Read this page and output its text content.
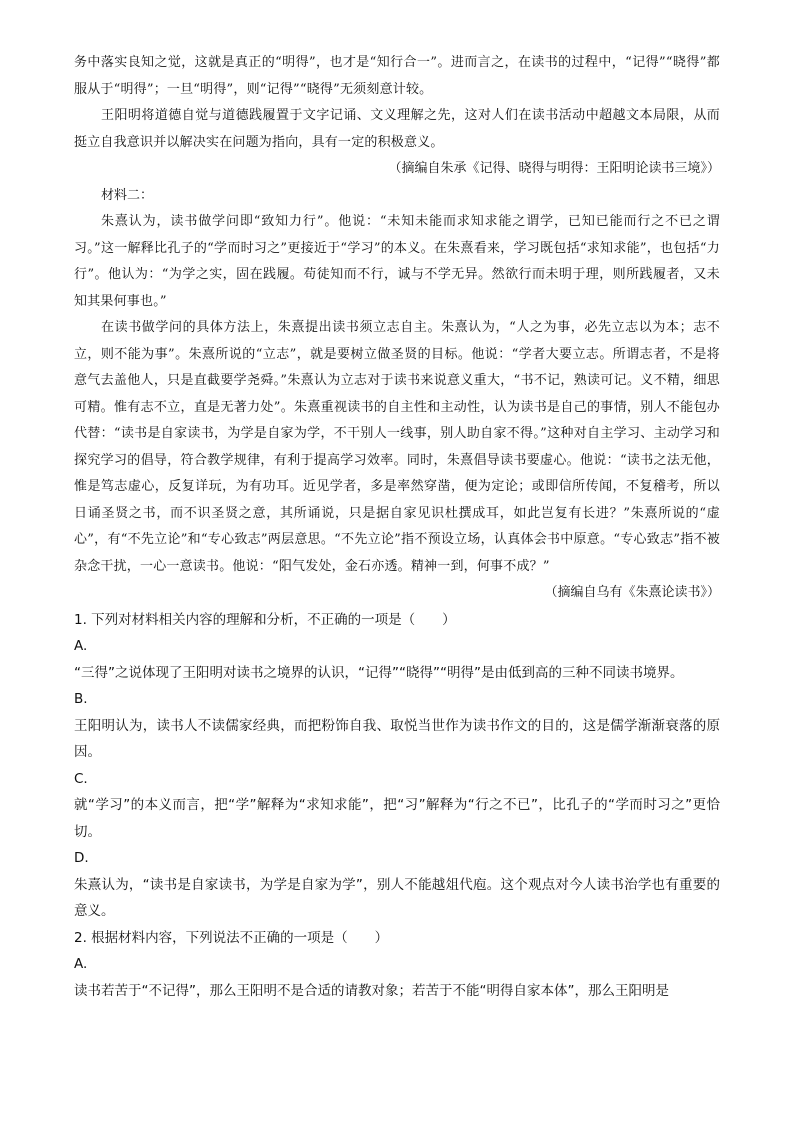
务中落实良知之觉，这就是真正的“明得”，也才是“知行合一”。进而言之，在读书的过程中，“记得”“晓得”都服从于“明得”；一旦“明得”，则“记得”“晓得”无须刻意计较。

王阳明将道德自觉与道德践履置于文字记诵、文义理解之先，这对人们在读书活动中超越文本局限，从而挺立自我意识并以解决实在问题为指向，具有一定的积极意义。

（摘编自朱承《记得、晓得与明得：王阳明论读书三境》）

材料二：

朱熹认为，读书做学问即“致知力行”。他说：“未知未能而求知求能之谓学，已知已能而行之不已之谓习。”这一解释比孔子的“学而时习之”更接近于“学习”的本义。在朱熹看来，学习既包括“求知求能”，也包括“力行”。他认为：“为学之实，固在践履。苟徒知而不行，诚与不学无异。然欲行而未明于理，则所践履者，又未知其果何事也。”

在读书做学问的具体方法上，朱熹提出读书须立志自主。朱熹认为，“人之为事，必先立志以为本；志不立，则不能为事”。朱熹所说的“立志”，就是要树立做圣贤的目标。他说：“学者大要立志。所谓志者，不是将意气去盖他人，只是直截要学尧舜。”朱熹认为立志对于读书来说意义重大，“书不记，熟读可记。义不精，细思可精。惟有志不立，直是无著力处”。朱熹重视读书的自主性和主动性，认为读书是自己的事情，别人不能包办代替：“读书是自家读书，为学是自家为学，不干别人一线事，别人助自家不得。”这种对自主学习、主动学习和探究学习的倡导，符合教学规律，有利于提高学习效率。同时，朱熹倡导读书要虚心。他说：“读书之法无他，惟是笃志虚心，反复详玩，为有功耳。近见学者，多是率然穿凿，便为定论；或即信所传闻，不复稽考，所以日诵圣贤之书，而不识圣贤之意，其所诵说，只是据自家见识杜撰成耳，如此岂复有长进？”朱熹所说的“虚心”，有“不先立论”和“专心致志”两层意思。“不先立论”指不预设立场，认真体会书中原意。“专心致志”指不被杂念干扰，一心一意读书。他说：“阳气发处，金石亦透。精神一到，何事不成？”

（摘编自乌有《朱熹论读书》）

1. 下列对材料相关内容的理解和分析，不正确的一项是（　　）

A.

“三得”之说体现了王阳明对读书之境界的认识，“记得”“晓得”“明得”是由低到高的三种不同读书境界。

B.

王阳明认为，读书人不读儒家经典，而把粉饰自我、取悦当世作为读书作文的目的，这是儒学渐渐衰落的原因。

C.

就“学习”的本义而言，把“学”解释为“求知求能”，把“习”解释为“行之不已”，比孔子的“学而时习之”更恰切。

D.

朱熹认为，“读书是自家读书，为学是自家为学”，别人不能越俎代庖。这个观点对今人读书治学也有重要的意义。

2. 根据材料内容，下列说法不正确的一项是（　　）

A.

读书若苦于“不记得”，那么王阳明不是合适的请教对象；若苦于不能“明得自家本体”，那么王阳明是
